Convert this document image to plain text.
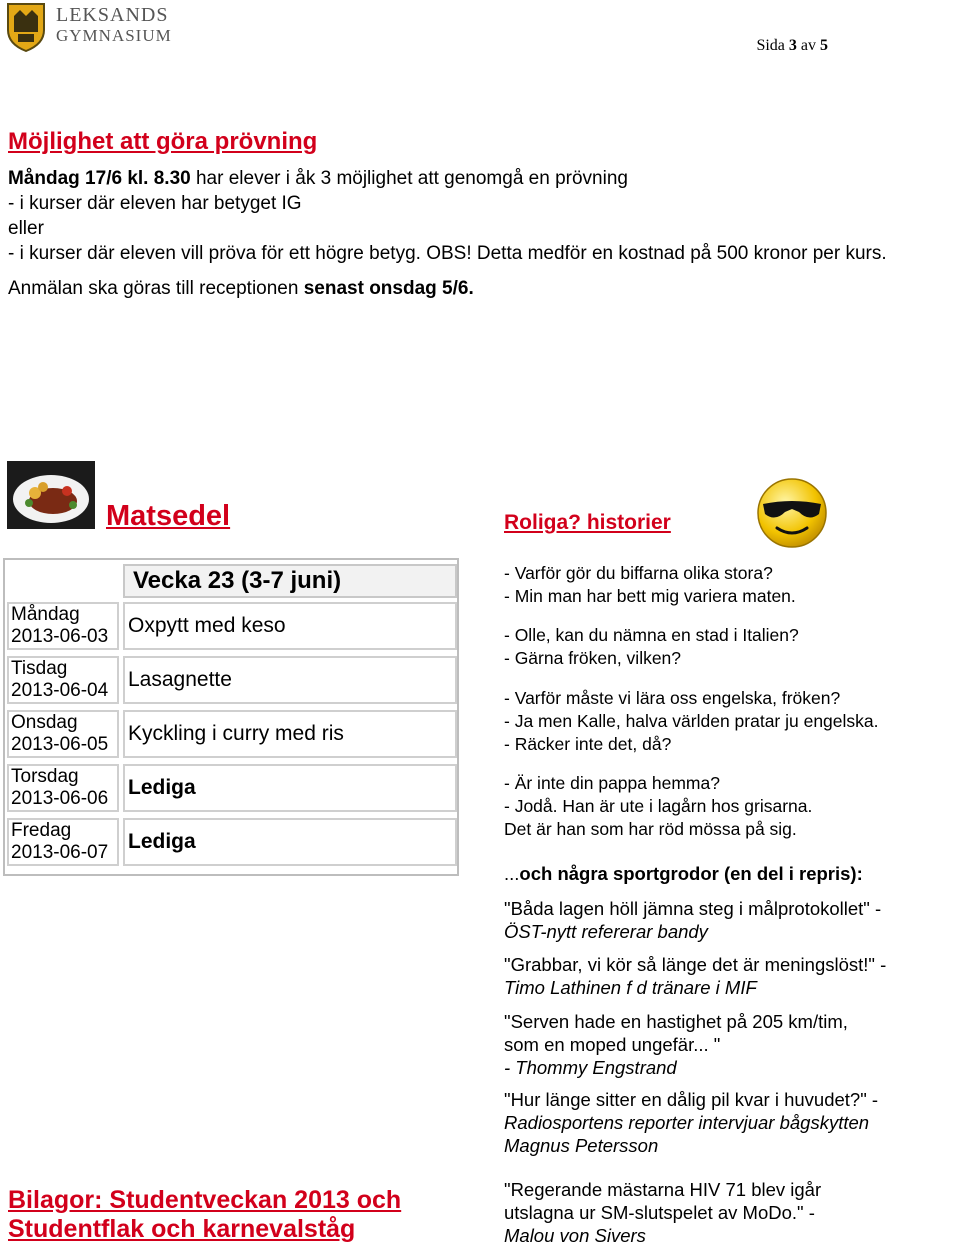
LEKSANDS
GYMNASIUM
Sida 3 av 5
Möjlighet att göra prövning
Måndag 17/6 kl. 8.30 har elever i åk 3 möjlighet att genomgå en prövning
- i kurser där eleven har betyget IG
eller
- i kurser där eleven vill pröva för ett högre betyg. OBS! Detta medför en kostnad på 500 kronor per kurs.
Anmälan ska göras till receptionen senast onsdag 5/6.
Matsedel
Vecka 23 (3-7 juni)
Måndag
2013-06-03 Oxpytt med keso
Tisdag
2013-06-04 Lasagnette
Onsdag
2013-06-05 Kyckling i curry med ris
Torsdag
2013-06-06 Lediga
Fredag
2013-06-07 Lediga
Bilagor: Studentveckan 2013 och Studentflak och karnevalståg
Roliga? historier
- Varför gör du biffarna olika stora?
- Min man har bett mig variera maten.
- Olle, kan du nämna en stad i Italien?
- Gärna fröken, vilken?
- Varför måste vi lära oss engelska, fröken?
- Ja men Kalle, halva världen pratar ju engelska.
- Räcker inte det, då?
- Är inte din pappa hemma?
- Jodå. Han är ute i lagårn hos grisarna.
Det är han som har röd mössa på sig.
...och några sportgrodor (en del i repris):
"Båda lagen höll jämna steg i målprotokollet" -
ÖST-nytt refererar bandy
"Grabbar, vi kör så länge det är meningslöst!" -
Timo Lathinen f d tränare i MIF
"Serven hade en hastighet på 205 km/tim,
som en moped ungefär... "
- Thommy Engstrand
"Hur länge sitter en dålig pil kvar i huvudet?" -
Radiosportens reporter intervjuar bågskytten Magnus Petersson
"Regerande mästarna HIV 71 blev igår
utslagna ur SM-slutspelet av MoDo." -
Malou von Sivers
